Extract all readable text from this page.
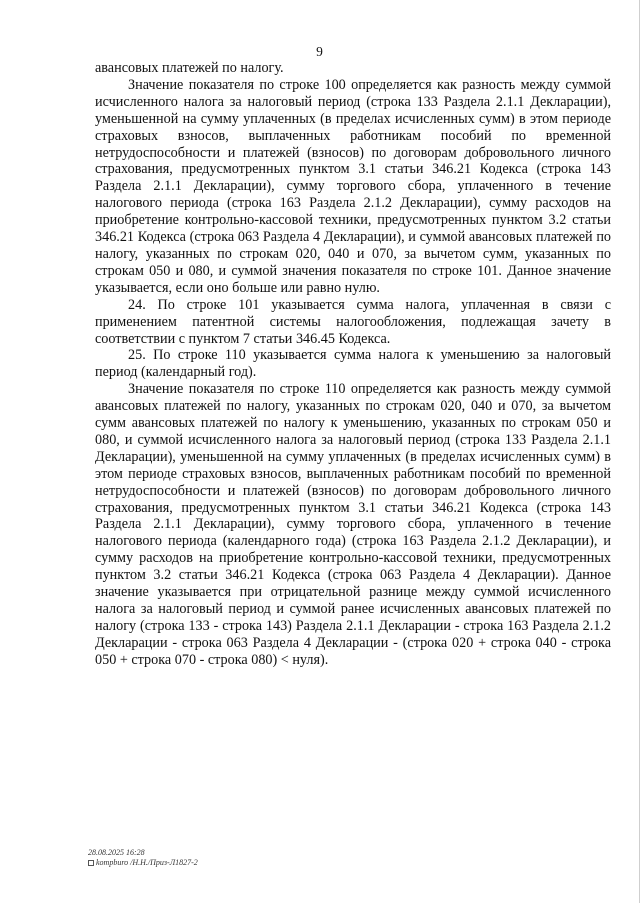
9

авансовых платежей по налогу.

Значение показателя по строке 100 определяется как разность между суммой исчисленного налога за налоговый период (строка 133 Раздела 2.1.1 Декларации), уменьшенной на сумму уплаченных (в пределах исчисленных сумм) в этом периоде страховых взносов, выплаченных работникам пособий по временной нетрудоспособности и платежей (взносов) по договорам добровольного личного страхования, предусмотренных пунктом 3.1 статьи 346.21 Кодекса (строка 143 Раздела 2.1.1 Декларации), сумму торгового сбора, уплаченного в течение налогового периода (строка 163 Раздела 2.1.2 Декларации), сумму расходов на приобретение контрольно-кассовой техники, предусмотренных пунктом 3.2 статьи 346.21 Кодекса (строка 063 Раздела 4 Декларации), и суммой авансовых платежей по налогу, указанных по строкам 020, 040 и 070, за вычетом сумм, указанных по строкам 050 и 080, и суммой значения показателя по строке 101. Данное значение указывается, если оно больше или равно нулю.

24. По строке 101 указывается сумма налога, уплаченная в связи с применением патентной системы налогообложения, подлежащая зачету в соответствии с пунктом 7 статьи 346.45 Кодекса.

25. По строке 110 указывается сумма налога к уменьшению за налоговый период (календарный год).

Значение показателя по строке 110 определяется как разность между суммой авансовых платежей по налогу, указанных по строкам 020, 040 и 070, за вычетом сумм авансовых платежей по налогу к уменьшению, указанных по строкам 050 и 080, и суммой исчисленного налога за налоговый период (строка 133 Раздела 2.1.1 Декларации), уменьшенной на сумму уплаченных (в пределах исчисленных сумм) в этом периоде страховых взносов, выплаченных работникам пособий по временной нетрудоспособности и платежей (взносов) по договорам добровольного личного страхования, предусмотренных пунктом 3.1 статьи 346.21 Кодекса (строка 143 Раздела 2.1.1 Декларации), сумму торгового сбора, уплаченного в течение налогового периода (календарного года) (строка 163 Раздела 2.1.2 Декларации), и сумму расходов на приобретение контрольно-кассовой техники, предусмотренных пунктом 3.2 статьи 346.21 Кодекса (строка 063 Раздела 4 Декларации). Данное значение указывается при отрицательной разнице между суммой исчисленного налога за налоговый период и суммой ранее исчисленных авансовых платежей по налогу (строка 133 - строка 143) Раздела 2.1.1 Декларации - строка 163 Раздела 2.1.2 Декларации - строка 063 Раздела 4 Декларации - (строка 020 + строка 040 - строка 050 + строка 070 - строка 080) < нуля).

28.08.2025 16:28
kompburo /Н.Н./Приз-Л1827-2
